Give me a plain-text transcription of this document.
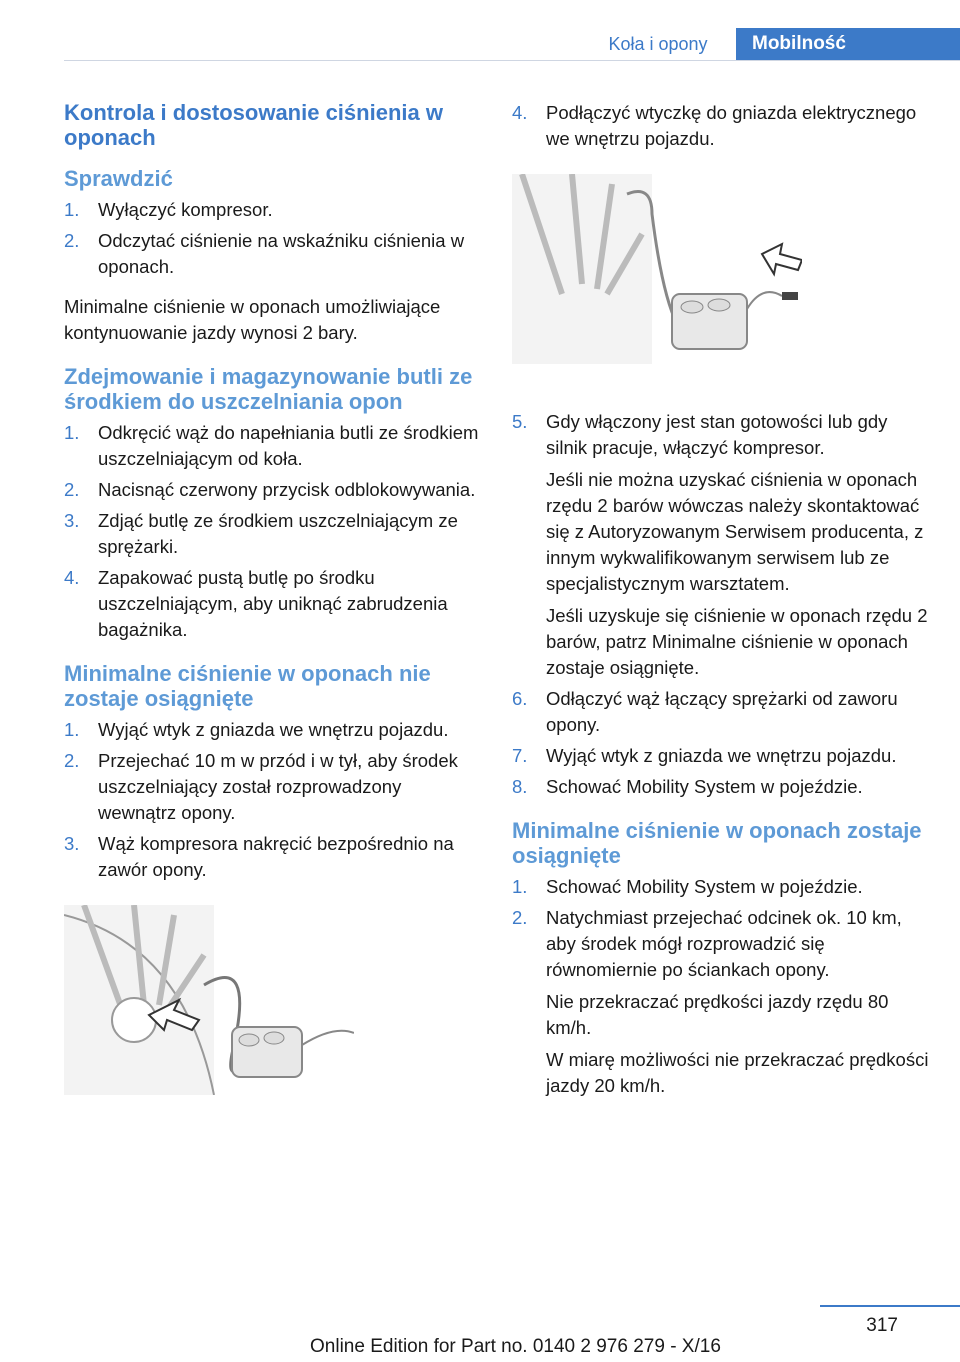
Koła i opony	Mobilność
Kontrola i dostosowanie ciśnienia w oponach
Sprawdzić
1. Wyłączyć kompresor.
2. Odczytać ciśnienie na wskaźniku ciśnienia w oponach.

Minimalne ciśnienie w oponach umożliwiające kontynuowanie jazdy wynosi 2 bary.

Zdejmowanie i magazynowanie butli ze środkiem do uszczelniania opon
1. Odkręcić wąż do napełniania butli ze środkiem uszczelniającym od koła.
2. Nacisnąć czerwony przycisk odblokowywania.
3. Zdjąć butlę ze środkiem uszczelniającym ze sprężarki.
4. Zapakować pustą butlę po środku uszczelniającym, aby uniknąć zabrudzenia bagażnika.
Minimalne ciśnienie w oponach nie zostaje osiągnięte
1. Wyjąć wtyk z gniazda we wnętrzu pojazdu.
2. Przejechać 10 m w przód i w tył, aby środek uszczelniający został rozprowadzony wewnątrz opony.
3. Wąż kompresora nakręcić bezpośrednio na zawór opony.
4. Podłączyć wtyczkę do gniazda elektrycznego we wnętrzu pojazdu.
5. Gdy włączony jest stan gotowości lub gdy silnik pracuje, włączyć kompresor.
Jeśli nie można uzyskać ciśnienia w oponach rzędu 2 barów wówczas należy skontaktować się z Autoryzowanym Serwisem producenta, z innym wykwalifikowanym serwisem lub ze specjalistycznym warsztatem.
Jeśli uzyskuje się ciśnienie w oponach rzędu 2 barów, patrz Minimalne ciśnienie w oponach zostaje osiągnięte.
6. Odłączyć wąż łączący sprężarki od zaworu opony.
7. Wyjąć wtyk z gniazda we wnętrzu pojazdu.
8. Schować Mobility System w pojeździe.
Minimalne ciśnienie w oponach zostaje osiągnięte
1. Schować Mobility System w pojeździe.
2. Natychmiast przejechać odcinek ok. 10 km, aby środek mógł rozprowadzić się równomiernie po ściankach opony.
Nie przekraczać prędkości jazdy rzędu 80 km/h.
W miarę możliwości nie przekraczać prędkości jazdy 20 km/h.
317
Online Edition for Part no. 0140 2 976 279 - X/16
